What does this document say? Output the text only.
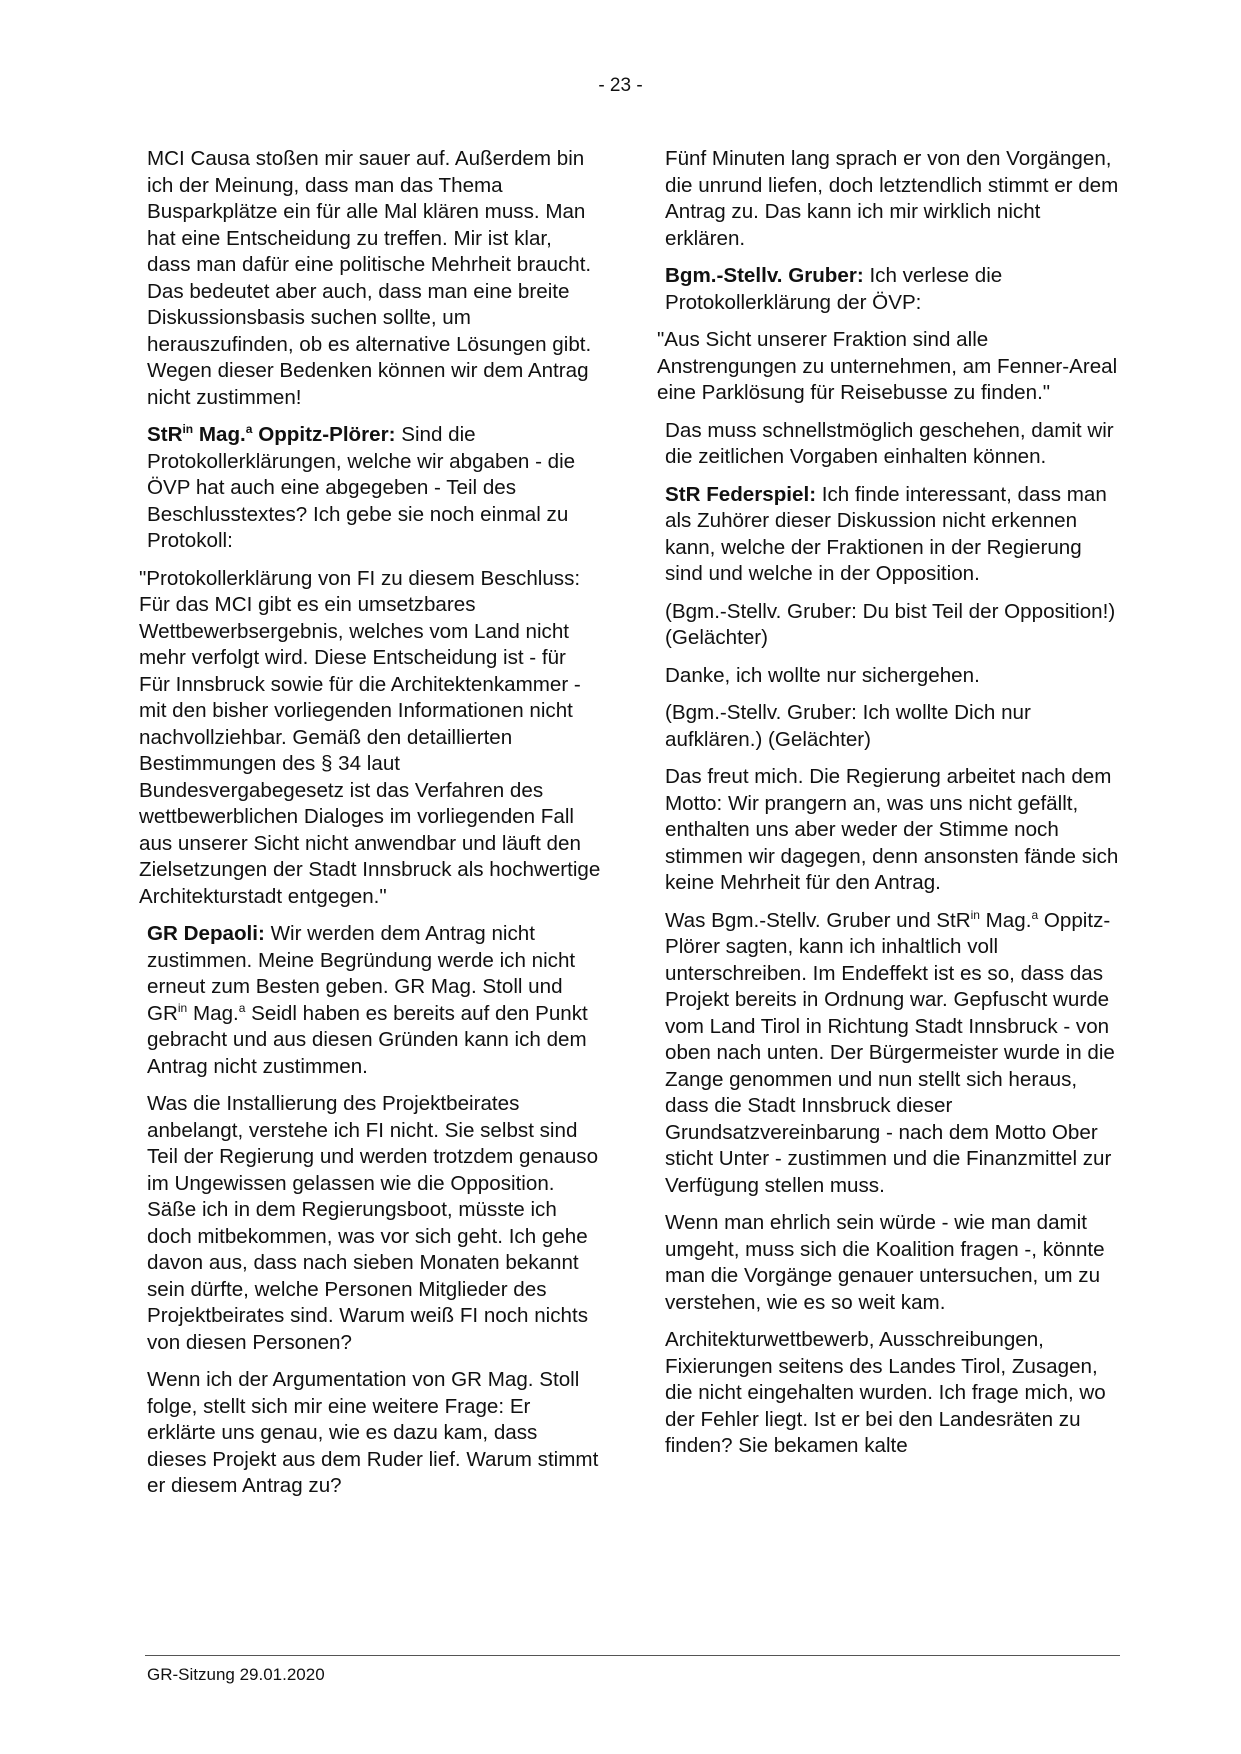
- 23 -

MCI Causa stoßen mir sauer auf. Außerdem bin ich der Meinung, dass man das Thema Busparkplätze ein für alle Mal klären muss. Man hat eine Entscheidung zu treffen. Mir ist klar, dass man dafür eine politische Mehrheit braucht. Das bedeutet aber auch, dass man eine breite Diskussionsbasis suchen sollte, um herauszufinden, ob es alternative Lösungen gibt. Wegen dieser Bedenken können wir dem Antrag nicht zustimmen!

StR$^{in}$ Mag.$^a$ Oppitz-Plörer: Sind die Protokollerklärungen, welche wir abgaben - die ÖVP hat auch eine abgegeben - Teil des Beschlusstextes? Ich gebe sie noch einmal zu Protokoll:

"Protokollerklärung von FI zu diesem Beschluss: Für das MCI gibt es ein umsetzbares Wettbewerbsergebnis, welches vom Land nicht mehr verfolgt wird. Diese Entscheidung ist - für Für Innsbruck sowie für die Architektenkammer - mit den bisher vorliegenden Informationen nicht nachvollziehbar. Gemäß den detaillierten Bestimmungen des § 34 laut Bundesvergabegesetz ist das Verfahren des wettbewerblichen Dialoges im vorliegenden Fall aus unserer Sicht nicht anwendbar und läuft den Zielsetzungen der Stadt Innsbruck als hochwertige Architekturstadt entgegen."

GR Depaoli: Wir werden dem Antrag nicht zustimmen. Meine Begründung werde ich nicht erneut zum Besten geben. GR Mag. Stoll und $GR^{in}$ Mag.$^a$ Seidl haben es bereits auf den Punkt gebracht und aus diesen Gründen kann ich dem Antrag nicht zustimmen.

Was die Installierung des Projektbeirates anbelangt, verstehe ich FI nicht. Sie selbst sind Teil der Regierung und werden trotzdem genauso im Ungewissen gelassen wie die Opposition. Säße ich in dem Regierungsboot, müsste ich doch mitbekommen, was vor sich geht. Ich gehe davon aus, dass nach sieben Monaten bekannt sein dürfte, welche Personen Mitglieder des Projektbeirates sind. Warum weiß FI noch nichts von diesen Personen?

Wenn ich der Argumentation von GR Mag. Stoll folge, stellt sich mir eine weitere Frage: Er erklärte uns genau, wie es dazu kam, dass dieses Projekt aus dem Ruder lief. Warum stimmt er diesem Antrag zu?

Fünf Minuten lang sprach er von den Vorgängen, die unrund liefen, doch letztendlich stimmt er dem Antrag zu. Das kann ich mir wirklich nicht erklären.

Bgm.-Stellv. Gruber: Ich verlese die Protokollerklärung der ÖVP:

"Aus Sicht unserer Fraktion sind alle Anstrengungen zu unternehmen, am Fenner-Areal eine Parklösung für Reisebusse zu finden."

Das muss schnellstmöglich geschehen, damit wir die zeitlichen Vorgaben einhalten können.

StR Federspiel: Ich finde interessant, dass man als Zuhörer dieser Diskussion nicht erkennen kann, welche der Fraktionen in der Regierung sind und welche in der Opposition.

(Bgm.-Stellv. Gruber: Du bist Teil der Opposition!) (Gelächter)

Danke, ich wollte nur sichergehen.

(Bgm.-Stellv. Gruber: Ich wollte Dich nur aufklären.) (Gelächter)

Das freut mich. Die Regierung arbeitet nach dem Motto: Wir prangern an, was uns nicht gefällt, enthalten uns aber weder der Stimme noch stimmen wir dagegen, denn ansonsten fände sich keine Mehrheit für den Antrag.

Was Bgm.-Stellv. Gruber und StR$^{in}$ Mag.$^a$ Oppitz-Plörer sagten, kann ich inhaltlich voll unterschreiben. Im Endeffekt ist es so, dass das Projekt bereits in Ordnung war. Gepfuscht wurde vom Land Tirol in Richtung Stadt Innsbruck - von oben nach unten. Der Bürgermeister wurde in die Zange genommen und nun stellt sich heraus, dass die Stadt Innsbruck dieser Grundsatzvereinbarung - nach dem Motto Ober sticht Unter - zustimmen und die Finanzmittel zur Verfügung stellen muss.

Wenn man ehrlich sein würde - wie man damit umgeht, muss sich die Koalition fragen -, könnte man die Vorgänge genauer untersuchen, um zu verstehen, wie es so weit kam.

Architekturwettbewerb, Ausschreibungen, Fixierungen seitens des Landes Tirol, Zusagen, die nicht eingehalten wurden. Ich frage mich, wo der Fehler liegt. Ist er bei den Landesräten zu finden? Sie bekamen kalte

GR-Sitzung 29.01.2020
